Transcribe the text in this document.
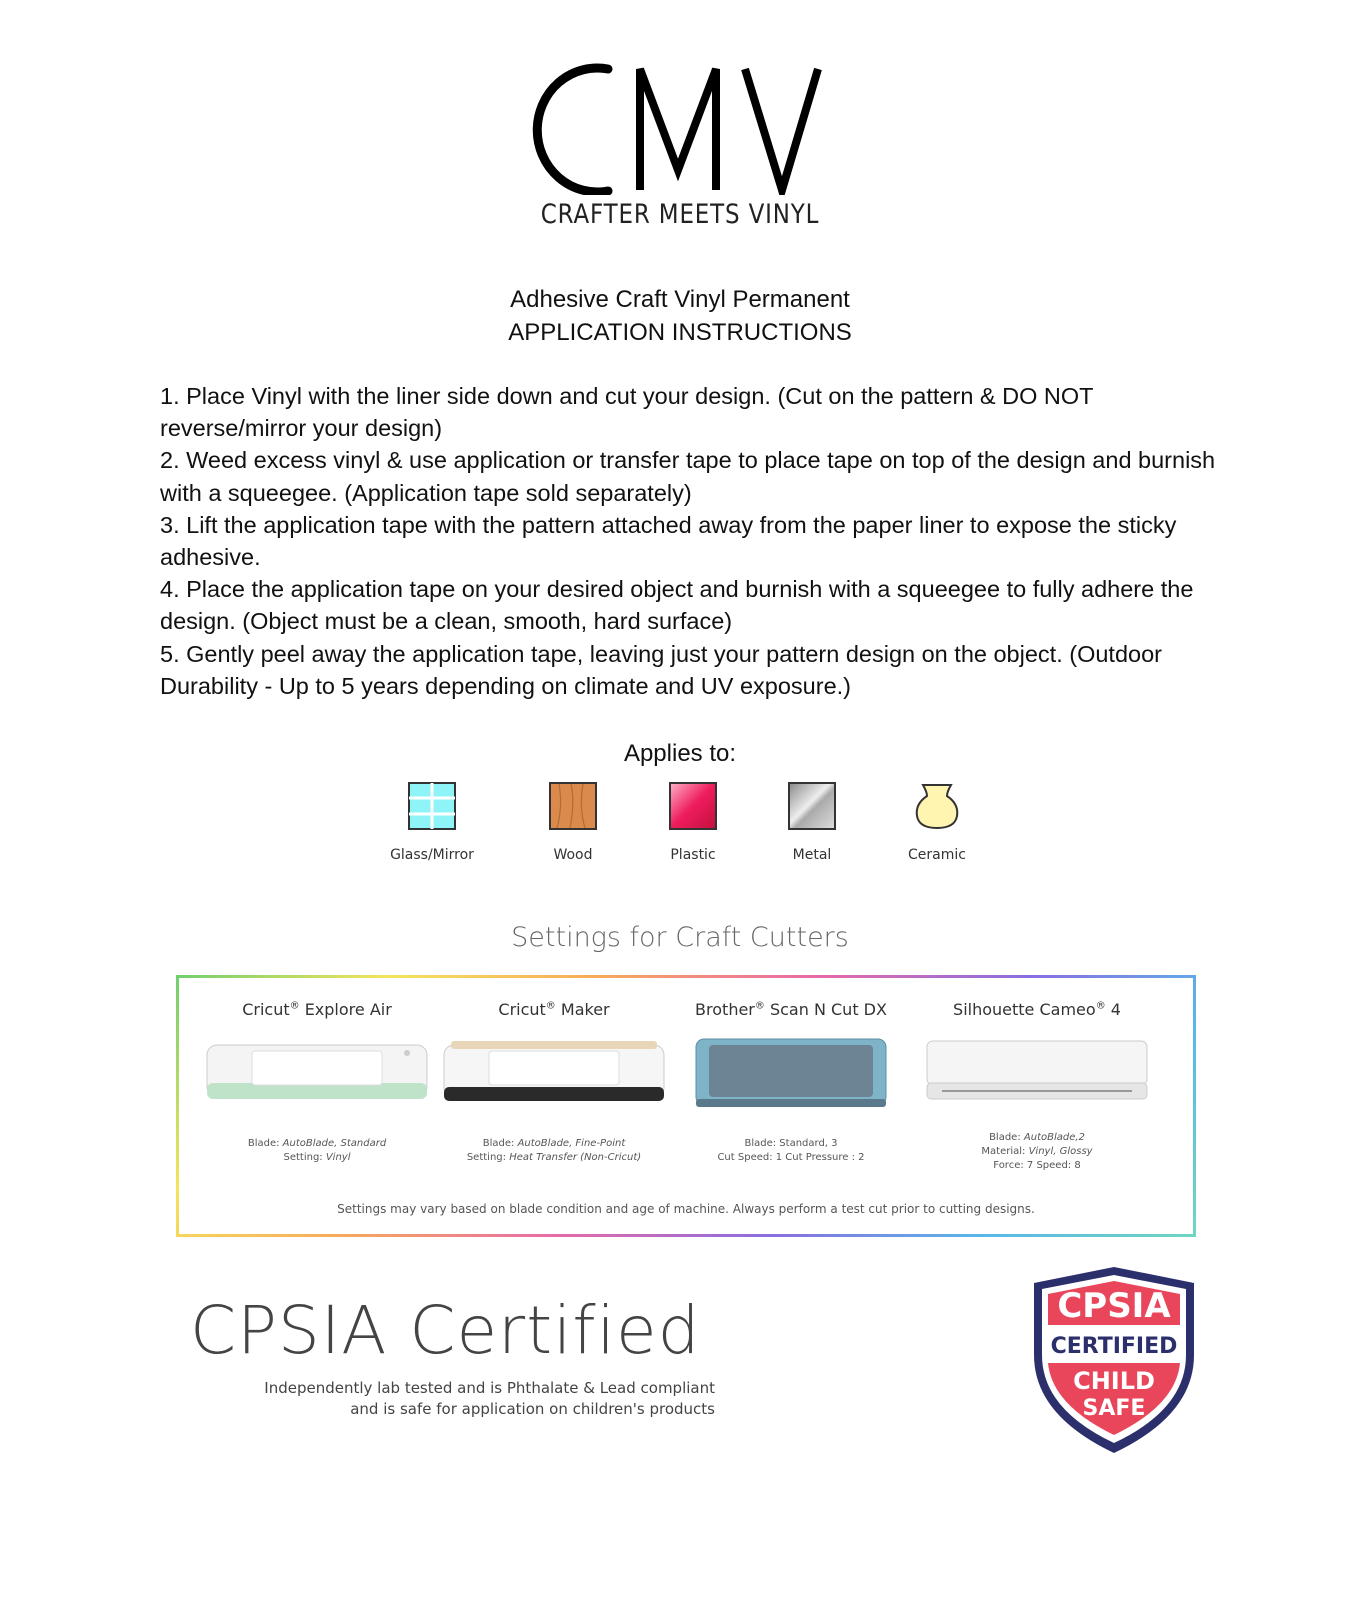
CRAFTER MEETS VINYL
Adhesive Craft Vinyl Permanent
APPLICATION INSTRUCTIONS

1. Place Vinyl with the liner side down and cut your design. (Cut on the pattern & DO NOT reverse/mirror your design)

2. Weed excess vinyl & use application or transfer tape to place tape on top of the design and burnish with a squeegee. (Application tape sold separately)

3. Lift the application tape with the pattern attached away from the paper liner to expose the sticky adhesive.

4. Place the application tape on your desired object and burnish with a squeegee to fully adhere the design. (Object must be a clean, smooth, hard surface)

5. Gently peel away the application tape, leaving just your pattern design on the object. (Outdoor Durability - Up to 5 years depending on climate and UV exposure.)

Applies to:
Glass/Mirror	Wood	Plastic	Metal	Ceramic
Settings for Craft Cutters
Cricut® Explore Air
Blade: AutoBlade, Standard
Setting: Vinyl
Cricut® Maker
Blade: AutoBlade, Fine-Point
Setting: Heat Transfer (Non-Cricut)
Brother® Scan N Cut DX
Blade: Standard, 3
Cut Speed: 1 Cut Pressure : 2
Silhouette Cameo® 4
Blade: AutoBlade,2
Material: Vinyl, Glossy
Force: 7 Speed: 8
Settings may vary based on blade condition and age of machine. Always perform a test cut prior to cutting designs.
CPSIA Certified
Independently lab tested and is Phthalate & Lead compliant
and is safe for application on children's products
CPSIA
CERTIFIED
CHILD
SAFE
